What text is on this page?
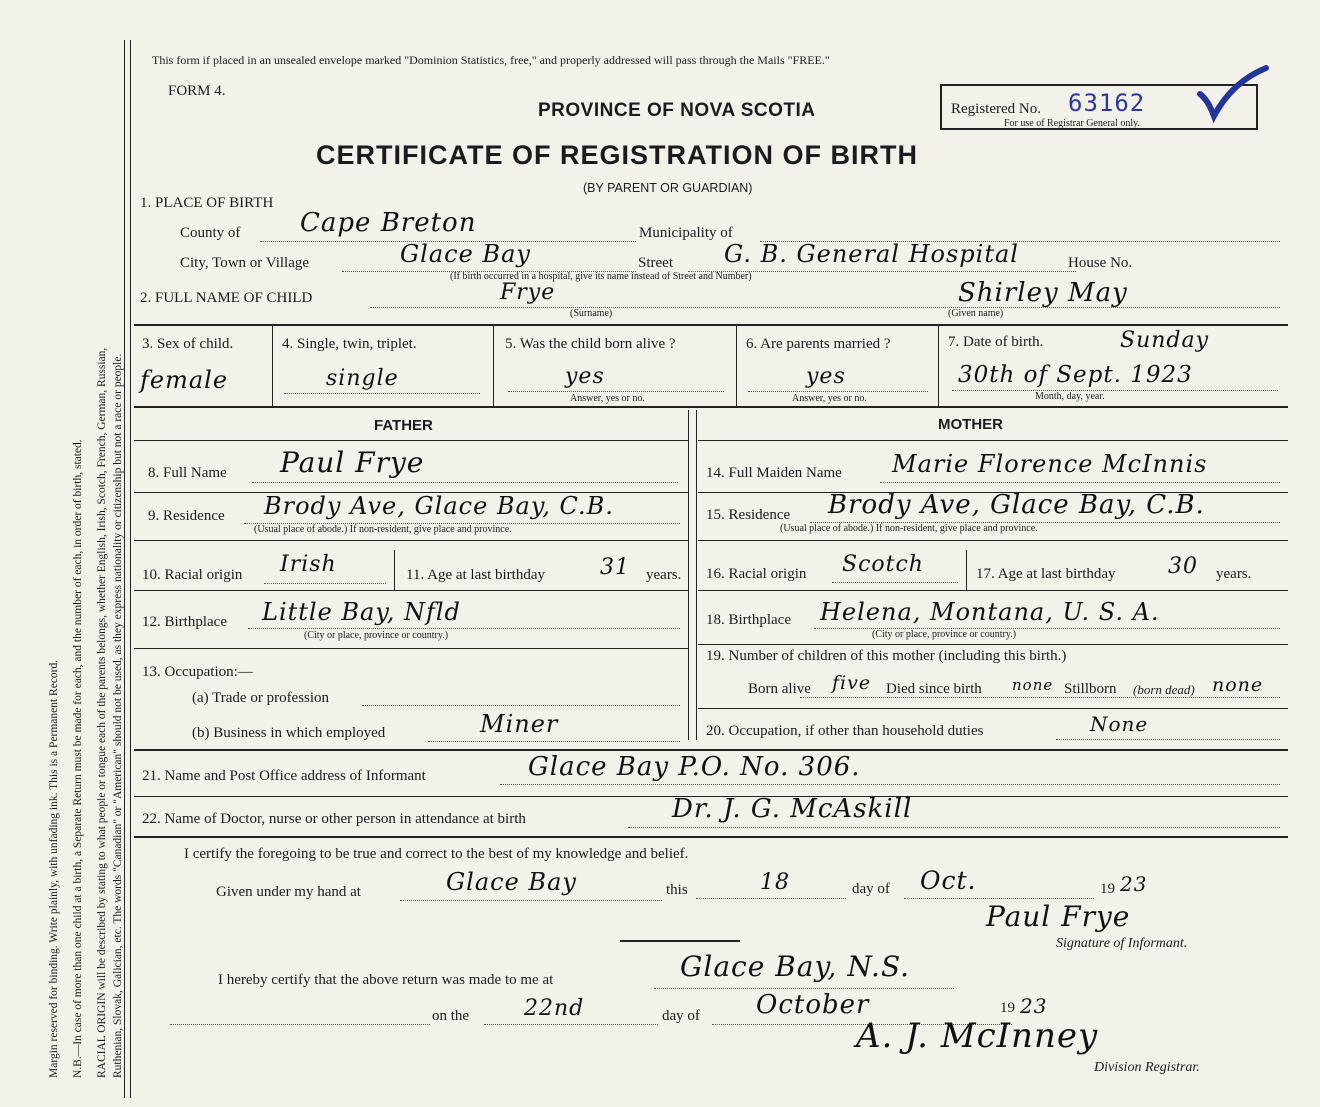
Margin reserved for binding. Write plainly, with unfading ink. This is a Permanent Record. N.B.—In case of more than one child at a birth, a Separate Return must be made for each, and the number of each, in order of birth, stated. RACIAL ORIGIN will be described by stating to what people or tongue each of the parents belongs, whether English, Irish, Scotch, French, German, Russian, Ruthenian, Slovak, Galician, etc. The words "Canadian" or "American" should not be used, as they express nationality or citizenship but not a race or people.
This form if placed in an unsealed envelope marked "Dominion Statistics, free," and properly addressed will pass through the Mails "FREE."
FORM 4.
PROVINCE OF NOVA SCOTIA
CERTIFICATE OF REGISTRATION OF BIRTH
(BY PARENT OR GUARDIAN)
Registered No. 63162
For use of Registrar General only.
1. PLACE OF BIRTH
County of Cape Breton	Municipality of
City, Town or Village	Glace Bay	Street G. B. General Hospital	House No.
(If birth occurred in a hospital, give its name instead of Street and Number)
2. FULL NAME OF CHILD	Frye
(Surname)
Shirley May
(Given name)
3. Sex of child.
female
4. Single, twin, triplet.
single
5. Was the child born alive ?
yes
Answer, yes or no.
6. Are parents married ?
yes
Answer, yes or no.
7. Date of birth.	Sunday
30th of Sept. 1923
Month, day, year.
FATHER	MOTHER
8. Full Name Paul Frye
9. Residence Brody Ave, Glace Bay, C.B.
(Usual place of abode.) If non-resident, give place and province.
10. Racial origin Irish	11. Age at last birthday	31 years.
12. Birthplace Little Bay, Nfld
(City or place, province or country.)
13. Occupation:—
(a) Trade or profession
(b) Business in which employed	Miner
14. Full Maiden Name Marie Florence McInnis
15. Residence Brody Ave, Glace Bay, C.B.
(Usual place of abode.) If non-resident, give place and province.
16. Racial origin Scotch	17. Age at last birthday 30 years.
18. Birthplace Helena, Montana, U. S. A.
(City or place, province or country.)
19. Number of children of this mother (including this birth.)
Born alive five Died since birth none Stillborn (born dead) none
20. Occupation, if other than household duties	None
21. Name and Post Office address of Informant	Glace Bay P.O. No. 306.
22. Name of Doctor, nurse or other person in attendance at birth	Dr. J. G. McAskill
I certify the foregoing to be true and correct to the best of my knowledge and belief.
Given under my hand at	Glace Bay	this	18	day of Oct.	19 23
Paul Frye
Signature of Informant.
I hereby certify that the above return was made to me at	Glace Bay, N.S.
on the 22nd	day of October	19 23
A. J. McInney
Division Registrar.
